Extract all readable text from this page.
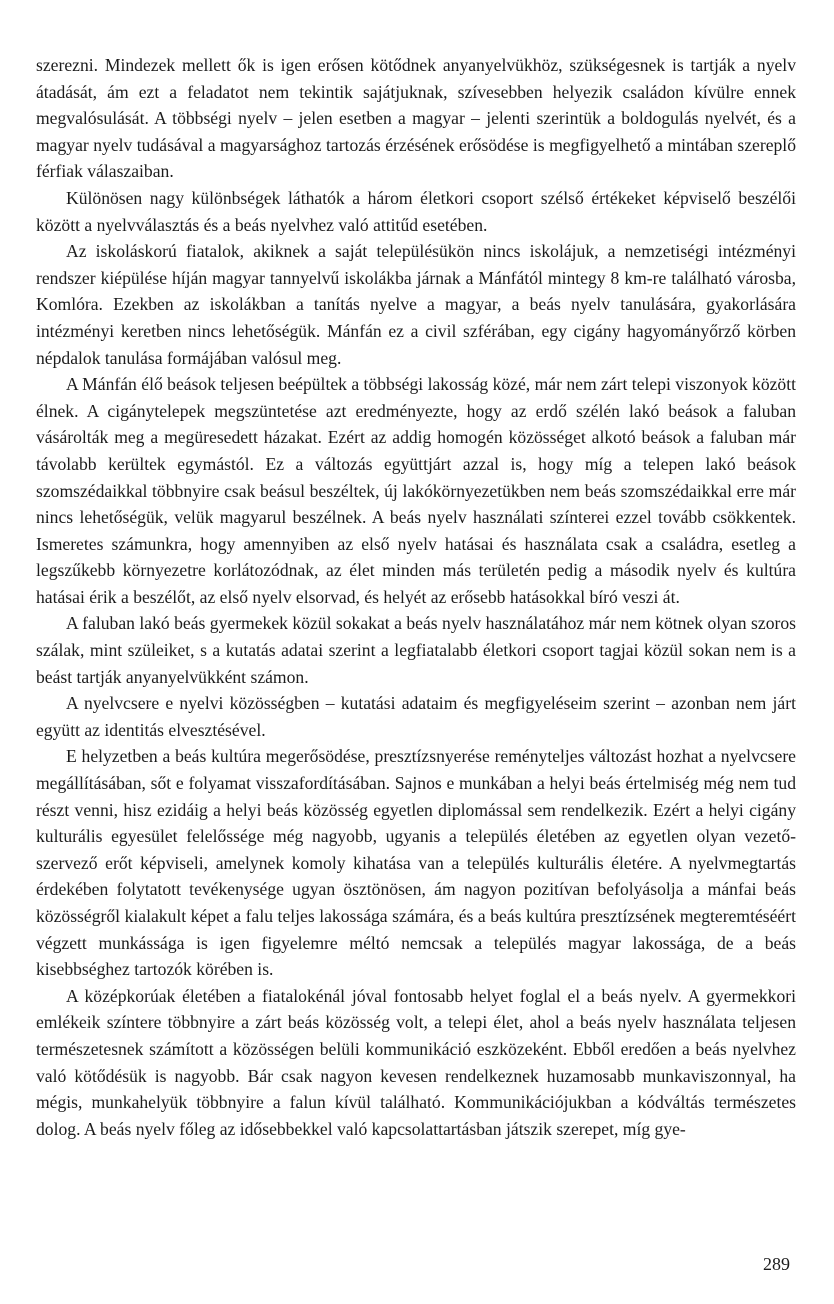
szerezni. Mindezek mellett ők is igen erősen kötődnek anyanyelvükhöz, szükségesnek is tartják a nyelv átadását, ám ezt a feladatot nem tekintik sajátjuknak, szívesebben helyezik családon kívülre ennek megvalósulását. A többségi nyelv – jelen esetben a magyar – jelenti szerintük a boldogulás nyelvét, és a magyar nyelv tudásával a magyarsághoz tartozás érzésének erősödése is megfigyelhető a mintában szereplő férfiak válaszaiban.

Különösen nagy különbségek láthatók a három életkori csoport szélső értékeket képviselő beszélői között a nyelvválasztás és a beás nyelvhez való attitűd esetében.

Az iskoláskorú fiatalok, akiknek a saját településükön nincs iskolájuk, a nemzetiségi intézményi rendszer kiépülése híján magyar tannyelvű iskolákba járnak a Mánfától mintegy 8 km-re található városba, Komlóra. Ezekben az iskolákban a tanítás nyelve a magyar, a beás nyelv tanulására, gyakorlására intézményi keretben nincs lehetőségük. Mánfán ez a civil szférában, egy cigány hagyományőrző körben népdalok tanulása formájában valósul meg.

A Mánfán élő beások teljesen beépültek a többségi lakosság közé, már nem zárt telepi viszonyok között élnek. A cigánytelepek megszüntetése azt eredményezte, hogy az erdő szélén lakó beások a faluban vásárolták meg a megüresedett házakat. Ezért az addig homogén közösséget alkotó beások a faluban már távolabb kerültek egymástól. Ez a változás együttjárt azzal is, hogy míg a telepen lakó beások szomszédaikkal többnyire csak beásul beszéltek, új lakókörnyezetükben nem beás szomszédaikkal erre már nincs lehetőségük, velük magyarul beszélnek. A beás nyelv használati színterei ezzel tovább csökkentek. Ismeretes számunkra, hogy amennyiben az első nyelv hatásai és használata csak a családra, esetleg a legszűkebb környezetre korlátozódnak, az élet minden más területén pedig a második nyelv és kultúra hatásai érik a beszélőt, az első nyelv elsorvad, és helyét az erősebb hatásokkal bíró veszi át.

A faluban lakó beás gyermekek közül sokakat a beás nyelv használatához már nem kötnek olyan szoros szálak, mint szüleiket, s a kutatás adatai szerint a legfiatalabb életkori csoport tagjai közül sokan nem is a beást tartják anyanyelvükként számon.

A nyelvcsere e nyelvi közösségben – kutatási adataim és megfigyeléseim szerint – azonban nem járt együtt az identitás elvesztésével.

E helyzetben a beás kultúra megerősödése, presztízsnyerése reményteljes változást hozhat a nyelvcsere megállításában, sőt e folyamat visszafordításában. Sajnos e munkában a helyi beás értelmiség még nem tud részt venni, hisz ezidáig a helyi beás közösség egyetlen diplomással sem rendelkezik. Ezért a helyi cigány kulturális egyesület felelőssége még nagyobb, ugyanis a település életében az egyetlen olyan vezető-szervező erőt képviseli, amelynek komoly kihatása van a település kulturális életére. A nyelvmegtartás érdekében folytatott tevékenysége ugyan ösztönösen, ám nagyon pozitívan befolyásolja a mánfai beás közösségről kialakult képet a falu teljes lakossága számára, és a beás kultúra presztízsének megteremtéséért végzett munkássága is igen figyelemre méltó nemcsak a település magyar lakossága, de a beás kisebbséghez tartozók körében is.

A középkorúak életében a fiatalokénál jóval fontosabb helyet foglal el a beás nyelv. A gyermekkori emlékeik színtere többnyire a zárt beás közösség volt, a telepi élet, ahol a beás nyelv használata teljesen természetesnek számított a közösségen belüli kommunikáció eszközeként. Ebből eredően a beás nyelvhez való kötődésük is nagyobb. Bár csak nagyon kevesen rendelkeznek huzamosabb munkaviszonnyal, ha mégis, munkahelyük többnyire a falun kívül található. Kommunikációjukban a kódváltás természetes dolog. A beás nyelv főleg az idősebbekkel való kapcsolattartásban játszik szerepet, míg gye-

289
